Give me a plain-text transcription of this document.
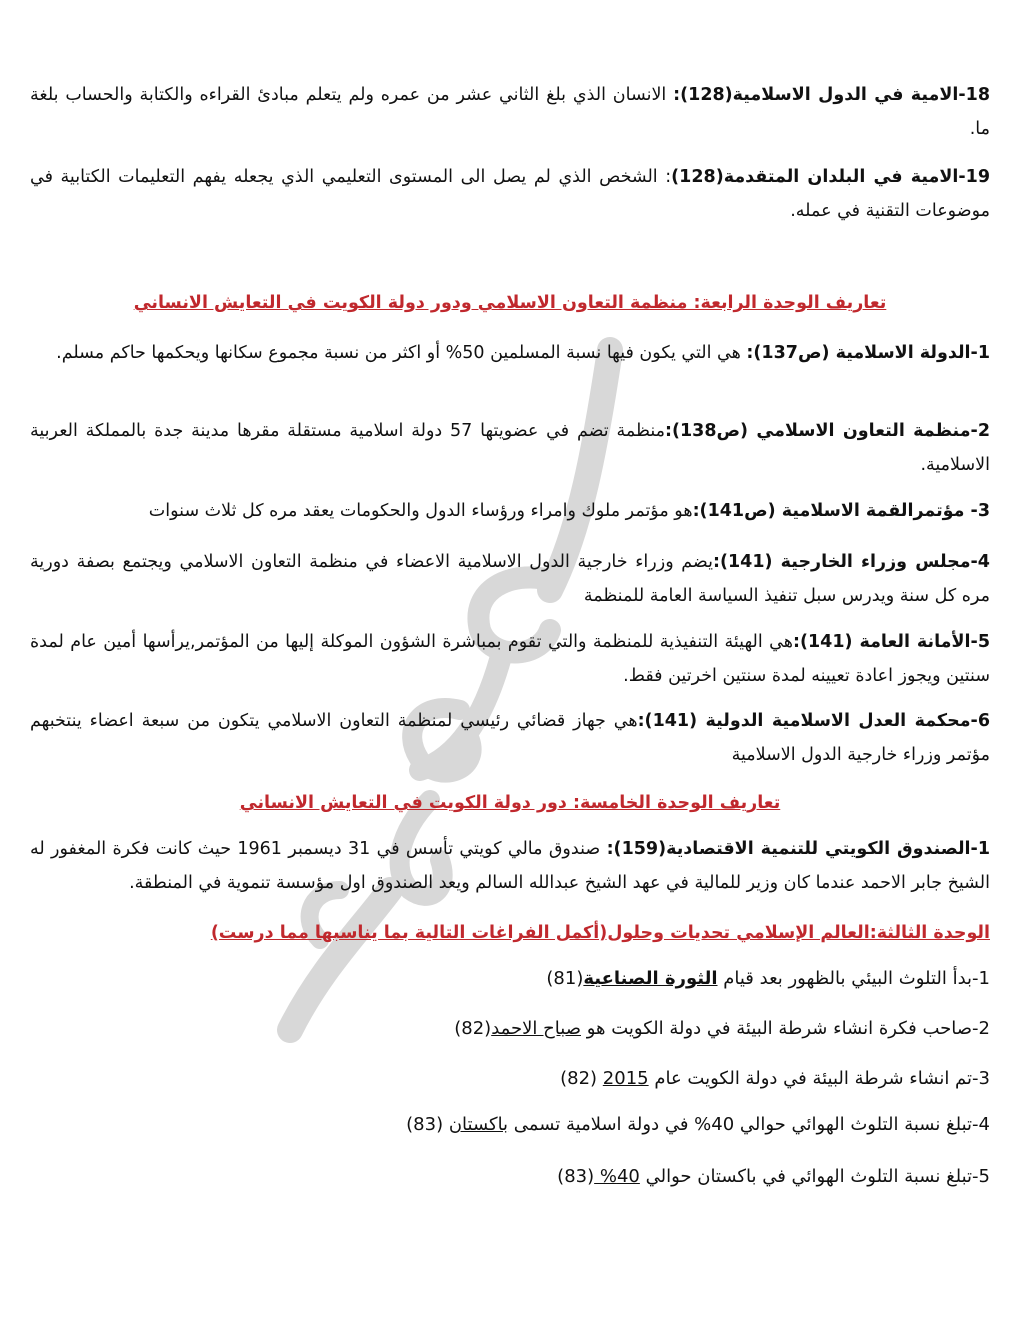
18-الامية في الدول الاسلامية(128): الانسان الذي بلغ الثاني عشر من عمره ولم يتعلم مبادئ القراءه والكتابة والحساب بلغة ما.
19-الامية في البلدان المتقدمة(128): الشخص الذي لم يصل الى المستوى التعليمي الذي يجعله يفهم التعليمات الكتابية في موضوعات التقنية في عمله.
تعاريف الوحدة الرابعة: منظمة التعاون الاسلامي ودور دولة الكويت في التعايش الانساني
1-الدولة الاسلامية (ص137): هي التي يكون فيها نسبة المسلمين 50% أو اكثر من نسبة مجموع سكانها ويحكمها حاكم مسلم.
2-منظمة التعاون الاسلامي (ص138):منظمة تضم في عضويتها 57 دولة اسلامية مستقلة مقرها مدينة جدة بالمملكة العربية الاسلامية.
3- مؤتمرالقمة الاسلامية (ص141):هو مؤتمر ملوك وامراء ورؤساء الدول والحكومات يعقد مره كل ثلاث سنوات
4-مجلس وزراء الخارجية (141):يضم وزراء خارجية الدول الاسلامية الاعضاء في منظمة التعاون الاسلامي ويجتمع بصفة دورية مره كل سنة ويدرس سبل تنفيذ السياسة العامة للمنظمة
5-الأمانة العامة (141):هي الهيئة التنفيذية للمنظمة والتي تقوم بمباشرة الشؤون الموكلة إليها من المؤتمر,يرأسها أمين عام لمدة سنتين ويجوز اعادة تعيينه لمدة سنتين اخرتين فقط.
6-محكمة العدل الاسلامية الدولية (141):هي جهاز قضائي رئيسي لمنظمة التعاون الاسلامي يتكون من سبعة اعضاء ينتخبهم مؤتمر وزراء خارجية الدول الاسلامية
تعاريف الوحدة الخامسة: دور دولة الكويت في التعايش الانساني
1-الصندوق الكويتي للتنمية الاقتصادية(159): صندوق مالي كويتي تأسس في 31 ديسمبر 1961 حيث كانت فكرة المغفور له الشيخ جابر الاحمد عندما كان وزير للمالية في عهد الشيخ عبدالله السالم ويعد الصندوق اول مؤسسة تنموية في المنطقة.
الوحدة الثالثة:العالم الإسلامي تحديات وحلول(أكمل الفراغات التالية بما يناسبها مما درست)
1-بدأ التلوث البيئي بالظهور بعد قيام الثورة الصناعية(81)
2-صاحب فكرة انشاء شرطة البيئة في دولة الكويت هو صباح الاحمد(82)
3-تم انشاء شرطة البيئة في دولة الكويت عام 2015 (82)
4-تبلغ نسبة التلوث الهوائي حوالي 40% في دولة اسلامية تسمى باكستان (83)
5-تبلغ نسبة التلوث الهوائي في باكستان حوالي 40% (83)
